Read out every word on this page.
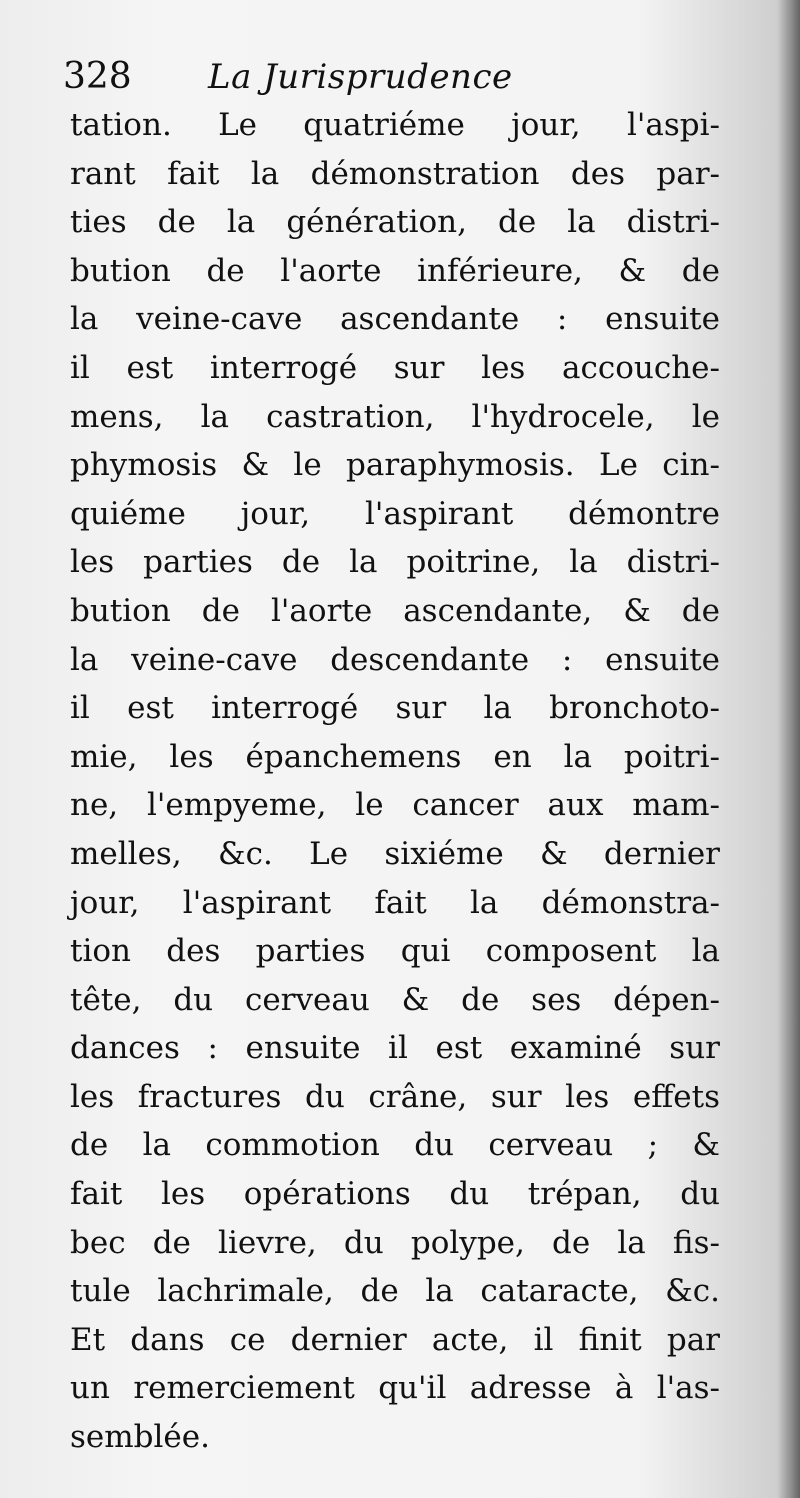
328 La Jurisprudence
tation. Le quatriéme jour, l'aspi-
rant fait la démonstration des par-
ties de la génération, de la distri-
bution de l'aorte inférieure, & de
la veine-cave ascendante : ensuite
il est interrogé sur les accouche-
mens, la castration, l'hydrocele, le
phymosis & le paraphymosis. Le cin-
quiéme jour, l'aspirant démontre
les parties de la poitrine, la distri-
bution de l'aorte ascendante, & de
la veine-cave descendante : ensuite
il est interrogé sur la bronchoto-
mie, les épanchemens en la poitri-
ne, l'empyeme, le cancer aux mam-
melles, &c. Le sixiéme & dernier
jour, l'aspirant fait la démonstra-
tion des parties qui composent la
tête, du cerveau & de ses dépen-
dances : ensuite il est examiné sur
les fractures du crâne, sur les effets
de la commotion du cerveau ; &
fait les opérations du trépan, du
bec de lievre, du polype, de la fis-
tule lachrimale, de la cataracte, &c.
Et dans ce dernier acte, il finit par
un remerciement qu'il adresse à l'as-
semblée.
